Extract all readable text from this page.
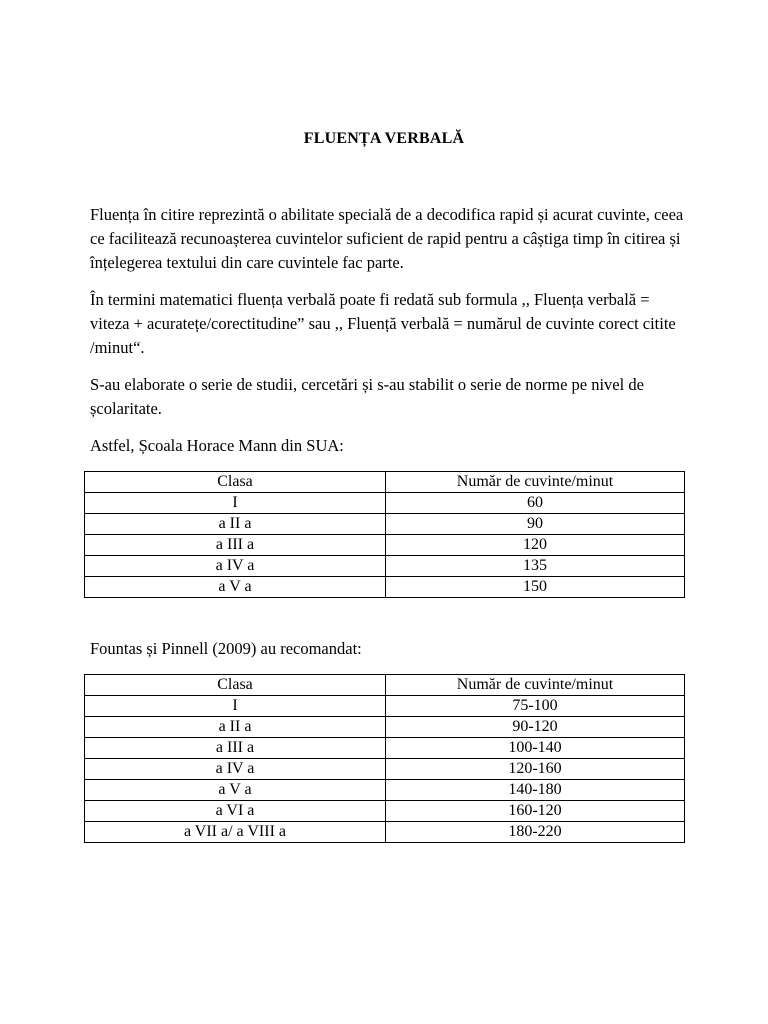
FLUENȚA VERBALĂ

Fluența în citire reprezintă o abilitate specială de a decodifica rapid și acurat cuvinte, ceea ce facilitează recunoașterea cuvintelor suficient de rapid pentru a câștiga timp în citirea și înțelegerea textului din care cuvintele fac parte.

În termini matematici fluența verbală poate fi redată sub formula ,, Fluența verbală = viteza + acuratețe/corectitudine” sau ,, Fluență verbală = numărul de cuvinte corect citite /minut“.

S-au elaborate o serie de studii, cercetări și s-au stabilit o serie de norme pe nivel de școlaritate.

Astfel, Școala Horace Mann din SUA:

Clasa	Număr de cuvinte/minut
I	60
a II a	90
a III a	120
a IV a	135
a V a	150

Fountas și Pinnell (2009) au recomandat:

Clasa	Număr de cuvinte/minut
I	75-100
a II a	90-120
a III a	100-140
a IV a	120-160
a V a	140-180
a VI a	160-120
a VII a/ a VIII a	180-220
